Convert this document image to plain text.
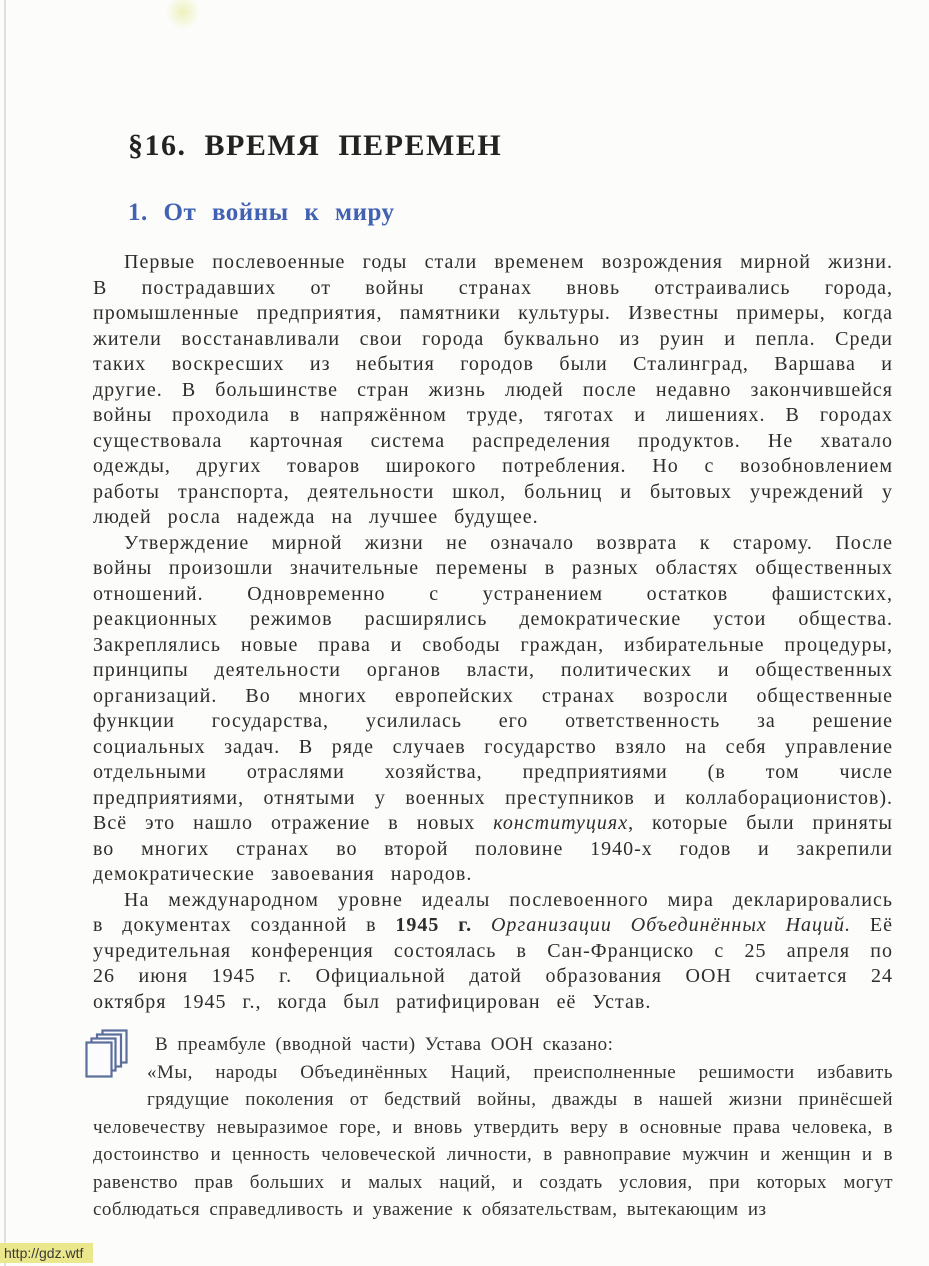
§16. ВРЕМЯ ПЕРЕМЕН
1. От войны к миру

Первые послевоенные годы стали временем возрождения мирной жизни. В пострадавших от войны странах вновь отстраивались города, промышленные предприятия, памятники культуры. Известны примеры, когда жители восстанавливали свои города буквально из руин и пепла. Среди таких воскресших из небытия городов были Сталинград, Варшава и другие. В большинстве стран жизнь людей после недавно закончившейся войны проходила в напряжённом труде, тяготах и лишениях. В городах существовала карточная система распределения продуктов. Не хватало одежды, других товаров широкого потребления. Но с возобновлением работы транспорта, деятельности школ, больниц и бытовых учреждений у людей росла надежда на лучшее будущее.

Утверждение мирной жизни не означало возврата к старому. После войны произошли значительные перемены в разных областях общественных отношений. Одновременно с устранением остатков фашистских, реакционных режимов расширялись демократические устои общества. Закреплялись новые права и свободы граждан, избирательные процедуры, принципы деятельности органов власти, политических и общественных организаций. Во многих европейских странах возросли общественные функции государства, усилилась его ответственность за решение социальных задач. В ряде случаев государство взяло на себя управление отдельными отраслями хозяйства, предприятиями (в том числе предприятиями, отнятыми у военных преступников и коллаборационистов). Всё это нашло отражение в новых конституциях, которые были приняты во многих странах во второй половине 1940-х годов и закрепили демократические завоевания народов.

На международном уровне идеалы послевоенного мира декларировались в документах созданной в 1945 г. Организации Объединённых Наций. Её учредительная конференция состоялась в Сан-Франциско с 25 апреля по 26 июня 1945 г. Официальной датой образования ООН считается 24 октября 1945 г., когда был ратифицирован её Устав.

В преамбуле (вводной части) Устава ООН сказано:

«Мы, народы Объединённых Наций, преисполненные решимости избавить грядущие поколения от бедствий войны, дважды в нашей жизни принёсшей человечеству невыразимое горе, и вновь утвердить веру в основные права человека, в достоинство и ценность человеческой личности, в равноправие мужчин и женщин и в равенство прав больших и малых наций, и создать условия, при которых могут соблюдаться справедливость и уважение к обязательствам, вытекающим из

http://gdz.wtf
